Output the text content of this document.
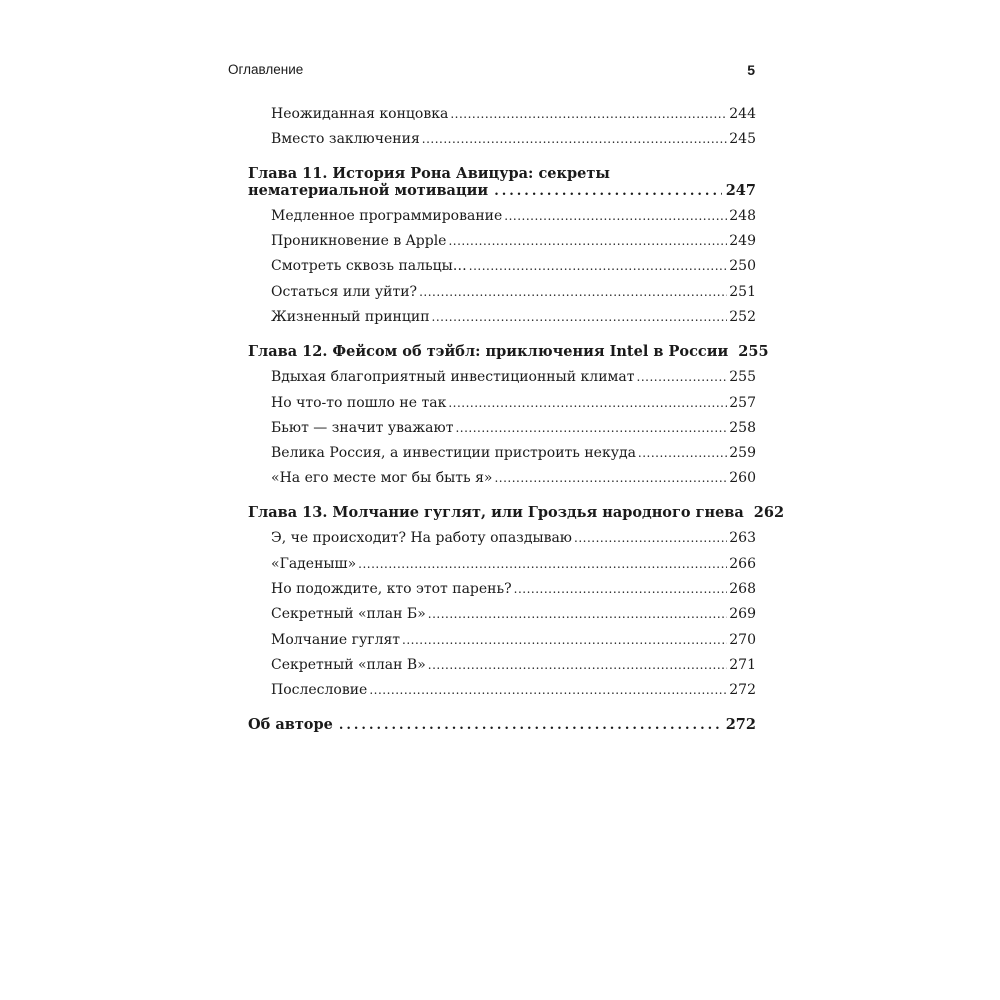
Оглавление	5
Неожиданная концовка .....	244
Вместо заключения .....	245
Глава 11. История Рона Авицура: секреты
нематериальной мотивации .....	247
Медленное программирование .....	248
Проникновение в Apple .....	249
Смотреть сквозь пальцы… .....	250
Остаться или уйти? .....	251
Жизненный принцип .....	252
Глава 12. Фейсом об тэйбл: приключения Intel в России 255
Вдыхая благоприятный инвестиционный климат .....	255
Но что-то пошло не так .....	257
Бьют — значит уважают .....	258
Велика Россия, а инвестиции пристроить некуда .....	259
«На его месте мог бы быть я» .....	260
Глава 13. Молчание гуглят, или Гроздья народного гнева 262
Э, че происходит? На работу опаздываю .....	263
«Гаденыш» .....	266
Но подождите, кто этот парень? .....	268
Секретный «план Б» .....	269
Молчание гуглят .....	270
Секретный «план В» .....	271
Послесловие .....	272
Об авторе .....	272
